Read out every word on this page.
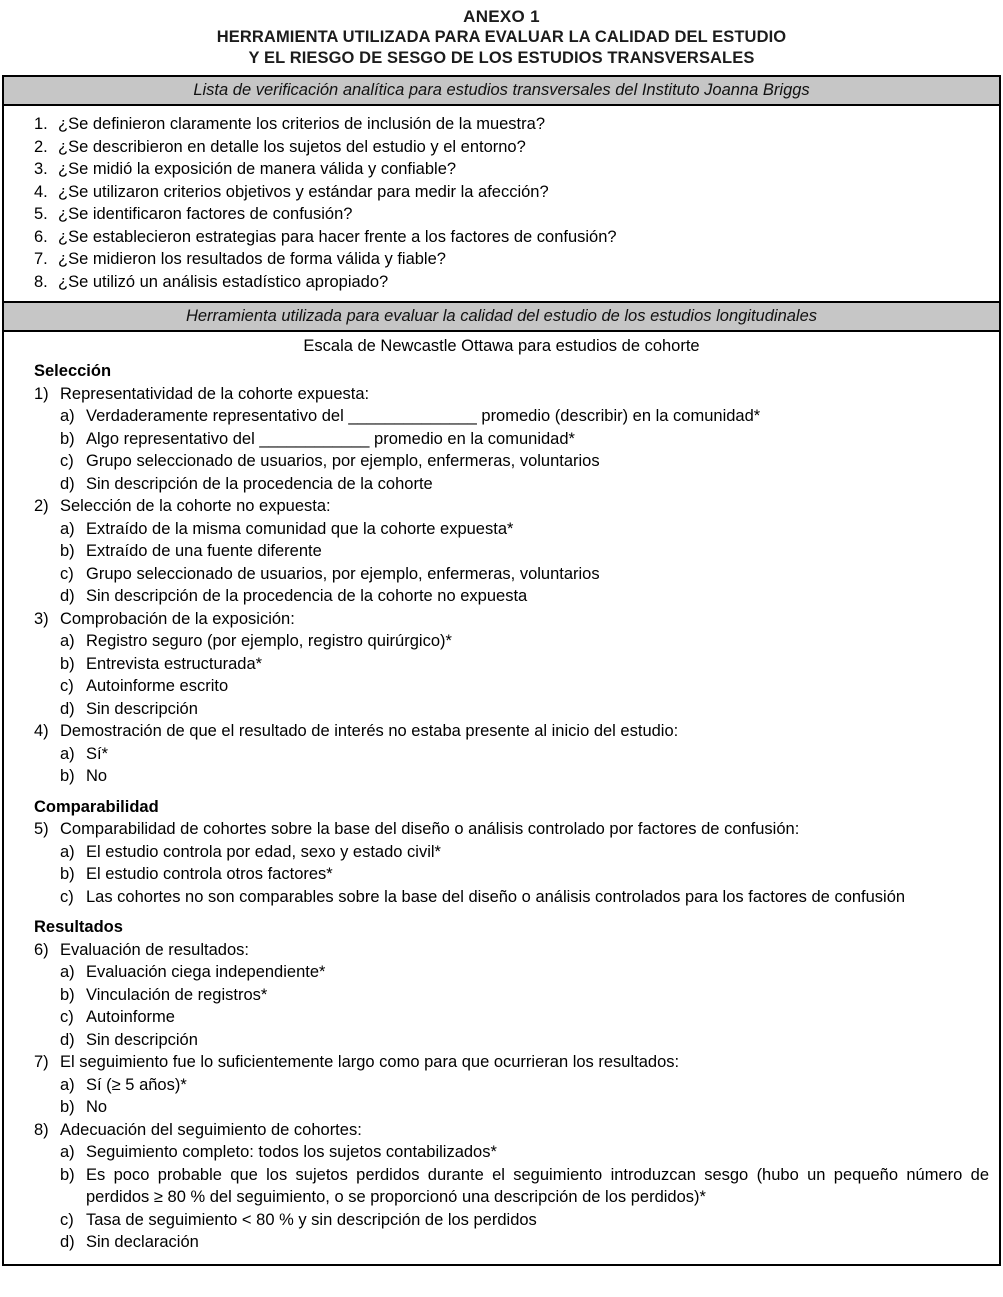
ANEXO 1
HERRAMIENTA UTILIZADA PARA EVALUAR LA CALIDAD DEL ESTUDIO
Y EL RIESGO DE SESGO DE LOS ESTUDIOS TRANSVERSALES
Lista de verificación analítica para estudios transversales del Instituto Joanna Briggs
1. ¿Se definieron claramente los criterios de inclusión de la muestra?
2. ¿Se describieron en detalle los sujetos del estudio y el entorno?
3. ¿Se midió la exposición de manera válida y confiable?
4. ¿Se utilizaron criterios objetivos y estándar para medir la afección?
5. ¿Se identificaron factores de confusión?
6. ¿Se establecieron estrategias para hacer frente a los factores de confusión?
7. ¿Se midieron los resultados de forma válida y fiable?
8. ¿Se utilizó un análisis estadístico apropiado?
Herramienta utilizada para evaluar la calidad del estudio de los estudios longitudinales
Escala de Newcastle Ottawa para estudios de cohorte
Selección
1) Representatividad de la cohorte expuesta:
a) Verdaderamente representativo del ______________ promedio (describir) en la comunidad*
b) Algo representativo del ____________ promedio en la comunidad*
c) Grupo seleccionado de usuarios, por ejemplo, enfermeras, voluntarios
d) Sin descripción de la procedencia de la cohorte
2) Selección de la cohorte no expuesta:
a) Extraído de la misma comunidad que la cohorte expuesta*
b) Extraído de una fuente diferente
c) Grupo seleccionado de usuarios, por ejemplo, enfermeras, voluntarios
d) Sin descripción de la procedencia de la cohorte no expuesta
3) Comprobación de la exposición:
a) Registro seguro (por ejemplo, registro quirúrgico)*
b) Entrevista estructurada*
c) Autoinforme escrito
d) Sin descripción
4) Demostración de que el resultado de interés no estaba presente al inicio del estudio:
a) Sí*
b) No
Comparabilidad
5) Comparabilidad de cohortes sobre la base del diseño o análisis controlado por factores de confusión:
a) El estudio controla por edad, sexo y estado civil*
b) El estudio controla otros factores*
c) Las cohortes no son comparables sobre la base del diseño o análisis controlados para los factores de confusión
Resultados
6) Evaluación de resultados:
a) Evaluación ciega independiente*
b) Vinculación de registros*
c) Autoinforme
d) Sin descripción
7) El seguimiento fue lo suficientemente largo como para que ocurrieran los resultados:
a) Sí (≥ 5 años)*
b) No
8) Adecuación del seguimiento de cohortes:
a) Seguimiento completo: todos los sujetos contabilizados*
b) Es poco probable que los sujetos perdidos durante el seguimiento introduzcan sesgo (hubo un pequeño número de perdidos ≥ 80 % del seguimiento, o se proporcionó una descripción de los perdidos)*
c) Tasa de seguimiento < 80 % y sin descripción de los perdidos
d) Sin declaración
